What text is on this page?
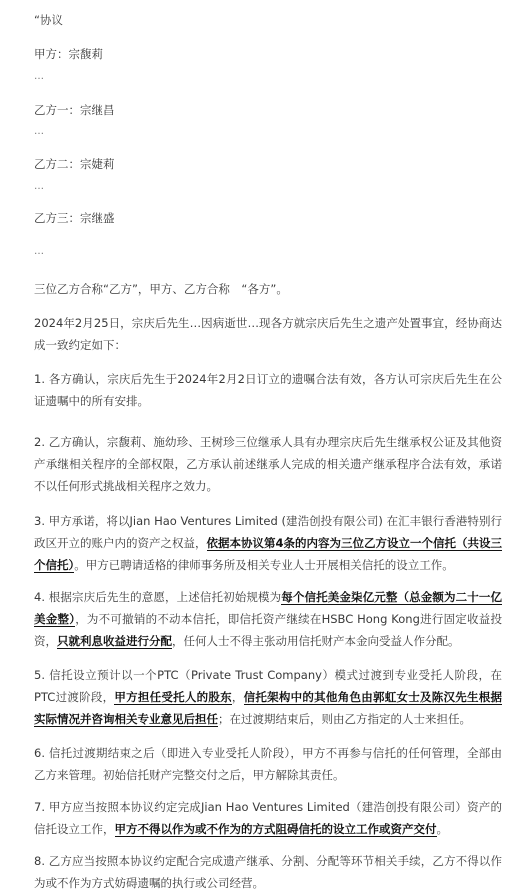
“协议
甲方：宗馥莉
…
乙方一：宗继昌
…
乙方二：宗婕莉
…
乙方三：宗继盛
…
三位乙方合称“乙方”，甲方、乙方合称　“各方”。
2024年2月25日，宗庆后先生…因病逝世…现各方就宗庆后先生之遗产处置事宜，经协商达成一致约定如下：
1. 各方确认，宗庆后先生于2024年2月2日订立的遗嘱合法有效，各方认可宗庆后先生在公证遗嘱中的所有安排。
2. 乙方确认，宗馥莉、施幼珍、王树珍三位继承人具有办理宗庆后先生继承权公证及其他资产承继相关程序的全部权限，乙方承认前述继承人完成的相关遗产继承程序合法有效，承诺不以任何形式挑战相关程序之效力。
3. 甲方承诺，将以Jian Hao Ventures Limited (建浩创投有限公司) 在汇丰银行香港特别行政区开立的账户内的资产之权益，依据本协议第4条的内容为三位乙方设立一个信托（共设三个信托）。甲方已聘请适格的律师事务所及相关专业人士开展相关信托的设立工作。
4. 根据宗庆后先生的意愿，上述信托初始规模为每个信托美金柒亿元整（总金额为二十一亿美金整），为不可撤销的不动本信托，即信托资产继续在HSBC Hong Kong进行固定收益投资，只就利息收益进行分配，任何人士不得主张动用信托财产本金向受益人作分配。
5. 信托设立预计以一个PTC（Private Trust Company）模式过渡到专业受托人阶段，在PTC过渡阶段，甲方担任受托人的股东，信托架构中的其他角色由郭虹女士及陈汉先生根据实际情况并咨询相关专业意见后担任；在过渡期结束后，则由乙方指定的人士来担任。
6. 信托过渡期结束之后（即进入专业受托人阶段），甲方不再参与信托的任何管理，全部由乙方来管理。初始信托财产完整交付之后，甲方解除其责任。
7. 甲方应当按照本协议约定完成Jian Hao Ventures Limited（建浩创投有限公司）资产的信托设立工作，甲方不得以作为或不作为的方式阻碍信托的设立工作或资产交付。
8. 乙方应当按照本协议约定配合完成遗产继承、分割、分配等环节相关手续，乙方不得以作为或不作为方式妨碍遗嘱的执行或公司经营。
